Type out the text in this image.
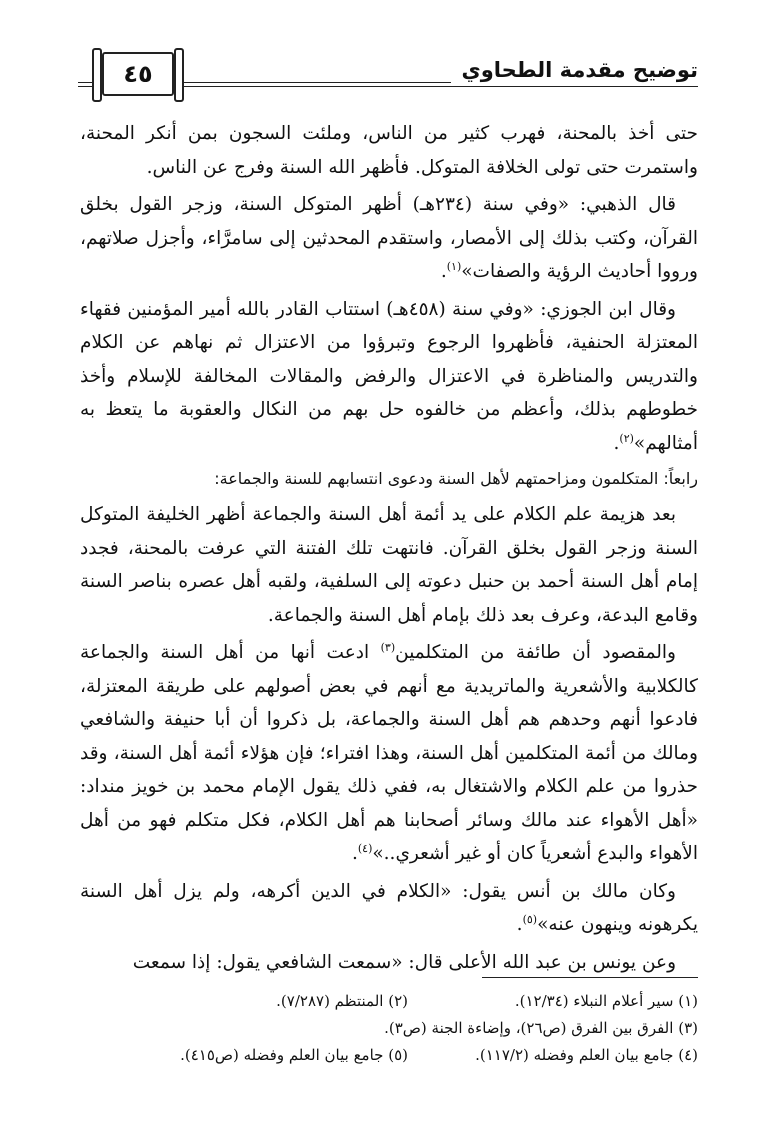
توضيح مقدمة الطحاوي
٤٥

حتى أخذ بالمحنة، فهرب كثير من الناس، وملئت السجون بمن أنكر المحنة، واستمرت حتى تولى الخلافة المتوكل. فأظهر الله السنة وفرج عن الناس.

قال الذهبي: «وفي سنة (٢٣٤هـ) أظهر المتوكل السنة، وزجر القول بخلق القرآن، وكتب بذلك إلى الأمصار، واستقدم المحدثين إلى سامرَّاء، وأجزل صلاتهم، ورووا أحاديث الرؤية والصفات»$^{(١)}$.

وقال ابن الجوزي: «وفي سنة (٤٥٨هـ) استتاب القادر بالله أمير المؤمنين فقهاء المعتزلة الحنفية، فأظهروا الرجوع وتبرؤوا من الاعتزال ثم نهاهم عن الكلام والتدريس والمناظرة في الاعتزال والرفض والمقالات المخالفة للإسلام وأخذ خطوطهم بذلك، وأعظم من خالفوه حل بهم من النكال والعقوبة ما يتعظ به أمثالهم»$^{(٢)}$.

رابعاً: المتكلمون ومزاحمتهم لأهل السنة ودعوى انتسابهم للسنة والجماعة:

بعد هزيمة علم الكلام على يد أئمة أهل السنة والجماعة أظهر الخليفة المتوكل السنة وزجر القول بخلق القرآن. فانتهت تلك الفتنة التي عرفت بالمحنة، فجدد إمام أهل السنة أحمد بن حنبل دعوته إلى السلفية، ولقبه أهل عصره بناصر السنة وقامع البدعة، وعرف بعد ذلك بإمام أهل السنة والجماعة.

والمقصود أن طائفة من المتكلمين$^{(٣)}$ ادعت أنها من أهل السنة والجماعة كالكلابية والأشعرية والماتريدية مع أنهم في بعض أصولهم على طريقة المعتزلة، فادعوا أنهم وحدهم هم أهل السنة والجماعة، بل ذكروا أن أبا حنيفة والشافعي ومالك من أئمة المتكلمين أهل السنة، وهذا افتراء؛ فإن هؤلاء أئمة أهل السنة، وقد حذروا من علم الكلام والاشتغال به، ففي ذلك يقول الإمام محمد بن خويز منداد: «أهل الأهواء عند مالك وسائر أصحابنا هم أهل الكلام، فكل متكلم فهو من أهل الأهواء والبدع أشعرياً كان أو غير أشعري..»$^{(٤)}$.

وكان مالك بن أنس يقول: «الكلام في الدين أكرهه، ولم يزل أهل السنة يكرهونه وينهون عنه»$^{(٥)}$.

وعن يونس بن عبد الله الأعلى قال: «سمعت الشافعي يقول: إذا سمعت

(١) سير أعلام النبلاء (١٢/٣٤).
(٢) المنتظم (٧/٢٨٧).
(٣) الفرق بين الفرق (ص٢٦)، وإضاءة الجنة (ص٣).
(٤) جامع بيان العلم وفضله (١١٧/٢).
(٥) جامع بيان العلم وفضله (ص٤١٥).
